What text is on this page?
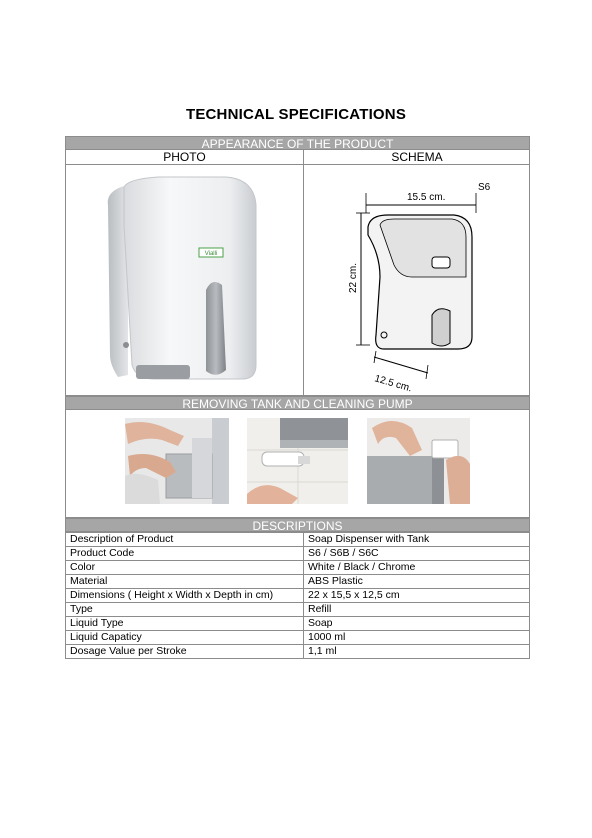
TECHNICAL SPECIFICATIONS
APPEARANCE OF THE PRODUCT
PHOTO	SCHEMA
Vialli
S6
15.5 cm.
22 cm.
12.5 cm.
REMOVING TANK AND CLEANING PUMP
DESCRIPTIONS
Description of Product	Soap Dispenser with Tank
Product Code	S6 / S6B / S6C
Color	White / Black / Chrome
Material	ABS Plastic
Dimensions ( Height x Width x Depth in cm)	22 x 15,5 x 12,5 cm
Type	Refill
Liquid Type	Soap
Liquid Capaticy	1000 ml
Dosage Value per Stroke	1,1 ml
